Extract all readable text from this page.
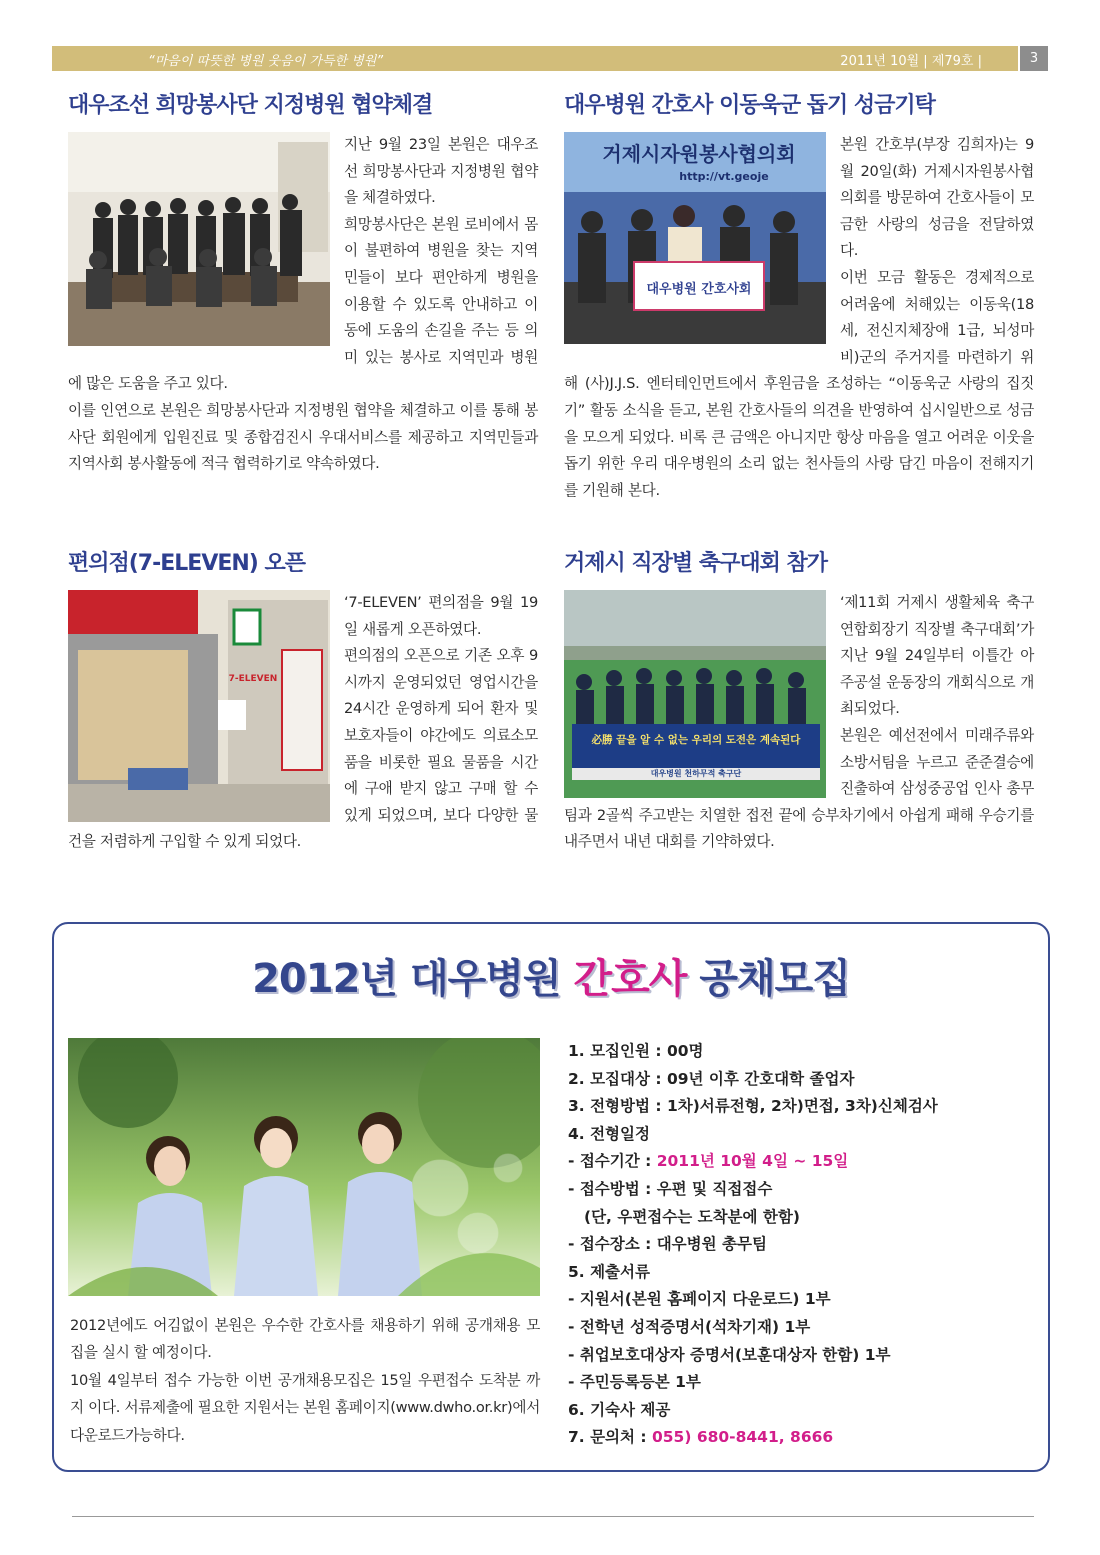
“마음이 따뜻한 병원 웃음이 가득한 병원”	2011년 10월 | 제79호 |	3
대우조선 희망봉사단 지정병원 협약체결

지난 9월 23일 본원은 대우조선 희망봉사단과 지정병원 협약을 체결하였다.

희망봉사단은 본원 로비에서 몸이 불편하여 병원을 찾는 지역민들이 보다 편안하게 병원을 이용할 수 있도록 안내하고 이동에 도움의 손길을 주는 등 의미 있는 봉사로 지역민과 병원에 많은 도움을 주고 있다.

이를 인연으로 본원은 희망봉사단과 지정병원 협약을 체결하고 이를 통해 봉사단 회원에게 입원진료 및 종합검진시 우대서비스를 제공하고 지역민들과 지역사회 봉사활동에 적극 협력하기로 약속하였다.

대우병원 간호사 이동욱군 돕기 성금기탁
거제시자원봉사협의회
http://vt.geoje
대우병원 간호사회

본원 간호부(부장 김희자)는 9월 20일(화) 거제시자원봉사협의회를 방문하여 간호사들이 모금한 사랑의 성금을 전달하였다.

이번 모금 활동은 경제적으로 어려움에 처해있는 이동욱(18세, 전신지체장애 1급, 뇌성마비)군의 주거지를 마련하기 위해 (사)J.J.S. 엔터테인먼트에서 후원금을 조성하는 “이동욱군 사랑의 집짓기” 활동 소식을 듣고, 본원 간호사들의 의견을 반영하여 십시일반으로 성금을 모으게 되었다. 비록 큰 금액은 아니지만 항상 마음을 열고 어려운 이웃을 돕기 위한 우리 대우병원의 소리 없는 천사들의 사랑 담긴 마음이 전해지기를 기원해 본다.

편의점(7-ELEVEN) 오픈
7-ELEVEN

‘7-ELEVEN’ 편의점을 9월 19일 새롭게 오픈하였다.

편의점의 오픈으로 기존 오후 9시까지 운영되었던 영업시간을 24시간 운영하게 되어 환자 및 보호자들이 야간에도 의료소모품을 비롯한 필요 물품을 시간에 구애 받지 않고 구매 할 수 있게 되었으며, 보다 다양한 물건을 저렴하게 구입할 수 있게 되었다.

거제시 직장별 축구대회 참가
必勝 끝을 알 수 없는 우리의 도전은 계속된다
대우병원 천하무적 축구단

‘제11회 거제시 생활체육 축구연합회장기 직장별 축구대회’가 지난 9월 24일부터 이틀간 아주공설 운동장의 개회식으로 개최되었다.

본원은 예선전에서 미래주류와 소방서팀을 누르고 준준결승에 진출하여 삼성중공업 인사 총무팀과 2골씩 주고받는 치열한 접전 끝에 승부차기에서 아쉽게 패해 우승기를 내주면서 내년 대회를 기약하였다.

2012년 대우병원 간호사 공채모집

2012년에도 어김없이 본원은 우수한 간호사를 채용하기 위해 공개채용 모집을 실시 할 예정이다.

10월 4일부터 접수 가능한 이번 공개채용모집은 15일 우편접수 도착분 까지 이다. 서류제출에 필요한 지원서는 본원 홈페이지(www.dwho.or.kr)에서 다운로드가능하다.

1. 모집인원 : 00명
2. 모집대상 : 09년 이후 간호대학 졸업자
3. 전형방법 : 1차)서류전형, 2차)면접, 3차)신체검사
4. 전형일정
- 접수기간 : 2011년 10월 4일 ~ 15일
- 접수방법 : 우편 및 직접접수
(단, 우편접수는 도착분에 한함)
- 접수장소 : 대우병원 총무팀
5. 제출서류
- 지원서(본원 홈페이지 다운로드) 1부
- 전학년 성적증명서(석차기재) 1부
- 취업보호대상자 증명서(보훈대상자 한함) 1부
- 주민등록등본 1부
6. 기숙사 제공
7. 문의처 : 055) 680-8441, 8666
